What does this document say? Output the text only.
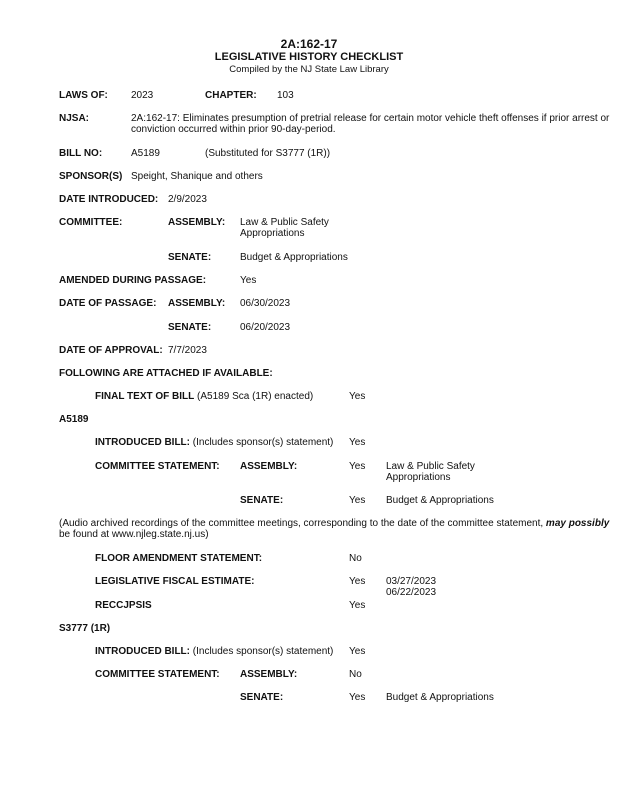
2A:162-17
LEGISLATIVE HISTORY CHECKLIST
Compiled by the NJ State Law Library
LAWS OF: 2023	CHAPTER: 103
NJSA:	2A:162-17: Eliminates presumption of pretrial release for certain motor vehicle theft offenses if prior arrest or
conviction occurred within prior 90-day-period.
BILL NO:	A5189	(Substituted for S3777 (1R))
SPONSOR(S) Speight, Shanique and others
DATE INTRODUCED: 2/9/2023
COMMITTEE:	ASSEMBLY: Law & Public Safety
Appropriations
SENATE:	Budget & Appropriations
AMENDED DURING PASSAGE:	Yes
DATE OF PASSAGE: ASSEMBLY: 06/30/2023
SENATE:	06/20/2023
DATE OF APPROVAL: 7/7/2023
FOLLOWING ARE ATTACHED IF AVAILABLE:
FINAL TEXT OF BILL (A5189 Sca (1R) enacted)	Yes
A5189
INTRODUCED BILL: (Includes sponsor(s) statement) Yes
COMMITTEE STATEMENT: ASSEMBLY:	Yes Law & Public Safety
Appropriations
SENATE:	Yes Budget & Appropriations
(Audio archived recordings of the committee meetings, corresponding to the date of the committee statement, may possibly
be found at www.njleg.state.nj.us)
FLOOR AMENDMENT STATEMENT:	No
LEGISLATIVE FISCAL ESTIMATE:	Yes 03/27/2023
06/22/2023
RECCJPSIS	Yes
S3777 (1R)
INTRODUCED BILL: (Includes sponsor(s) statement) Yes
COMMITTEE STATEMENT: ASSEMBLY:	No
SENATE:	Yes Budget & Appropriations
